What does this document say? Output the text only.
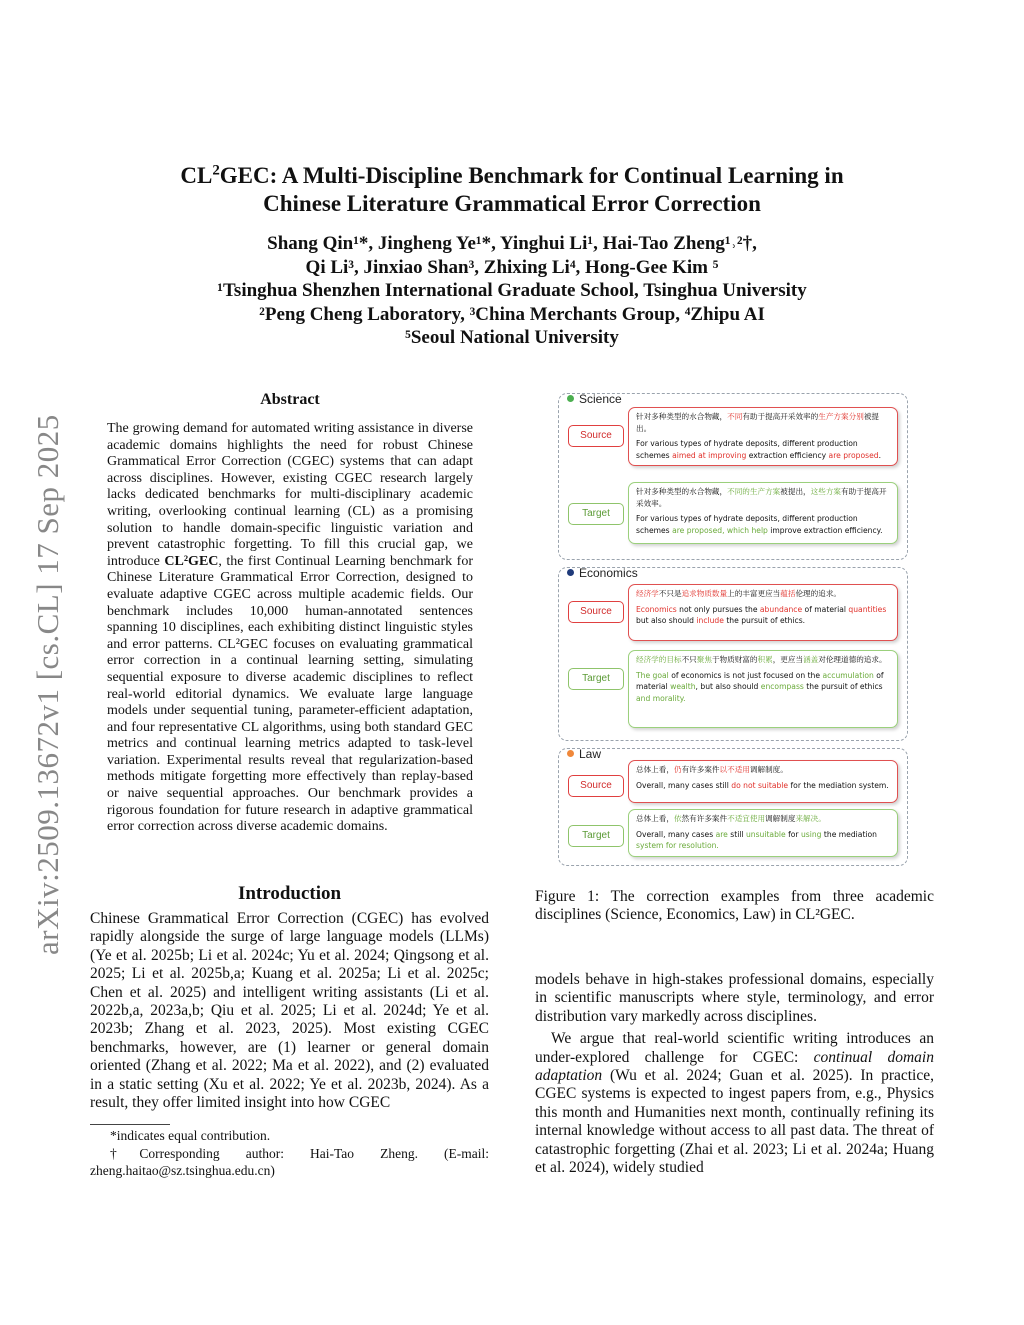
$CL^2GEC$: A Multi-Discipline Benchmark for Continual Learning in
Chinese Literature Grammatical Error Correction
Shang Qin¹*, Jingheng Ye¹*, Yinghui Li¹, Hai-Tao Zheng¹˒²†,
Qi Li³, Jinxiao Shan³, Zhixing Li⁴, Hong-Gee Kim ⁵
¹Tsinghua Shenzhen International Graduate School, Tsinghua University
²Peng Cheng Laboratory, ³China Merchants Group, ⁴Zhipu AI
⁵Seoul National University
arXiv:2509.13672v1 [cs.CL] 17 Sep 2025
Abstract
The growing demand for automated writing assistance in diverse academic domains highlights the need for robust Chinese Grammatical Error Correction (CGEC) systems that can adapt across disciplines. However, existing CGEC research largely lacks dedicated benchmarks for multi-disciplinary academic writing, overlooking continual learning (CL) as a promising solution to handle domain-specific linguistic variation and prevent catastrophic forgetting. To fill this crucial gap, we introduce CL²GEC, the first Continual Learning benchmark for Chinese Literature Grammatical Error Correction, designed to evaluate adaptive CGEC across multiple academic fields. Our benchmark includes 10,000 human-annotated sentences spanning 10 disciplines, each exhibiting distinct linguistic styles and error patterns. CL²GEC focuses on evaluating grammatical error correction in a continual learning setting, simulating sequential exposure to diverse academic disciplines to reflect real-world editorial dynamics. We evaluate large language models under sequential tuning, parameter-efficient adaptation, and four representative CL algorithms, using both standard GEC metrics and continual learning metrics adapted to task-level variation. Experimental results reveal that regularization-based methods mitigate forgetting more effectively than replay-based or naive sequential approaches. Our benchmark provides a rigorous foundation for future research in adaptive grammatical error correction across diverse academic domains.
Introduction
Chinese Grammatical Error Correction (CGEC) has evolved rapidly alongside the surge of large language models (LLMs) (Ye et al. 2025b; Li et al. 2024c; Yu et al. 2024; Qingsong et al. 2025; Li et al. 2025b,a; Kuang et al. 2025a; Li et al. 2025c; Chen et al. 2025) and intelligent writing assistants (Li et al. 2022b,a, 2023a,b; Qiu et al. 2025; Li et al. 2024d; Ye et al. 2023b; Zhang et al. 2023, 2025). Most existing CGEC benchmarks, however, are (1) learner or general domain oriented (Zhang et al. 2022; Ma et al. 2022), and (2) evaluated in a static setting (Xu et al. 2022; Ye et al. 2023b, 2024). As a result, they offer limited insight into how CGEC
*indicates equal contribution.
†Corresponding author: Hai-Tao Zheng. (E-mail: zheng.haitao@sz.tsinghua.edu.cn)
Science
Source
针对多种类型的水合物藏，不同有助于提高开采效率的生产方案分别被提出。
For various types of hydrate deposits, different production schemes aimed at improving extraction efficiency are proposed.
Target
针对多种类型的水合物藏，不同的生产方案被提出，这些方案有助于提高开采效率。
For various types of hydrate deposits, different production schemes are proposed, which help improve extraction efficiency.
Economics
Source
经济学不只是追求物质数量上的丰富更应当蕴括伦理的追求。
Economics not only pursues the abundance of material quantities but also should include the pursuit of ethics.
Target
经济学的目标不只聚焦于物质财富的积累，更应当涵盖对伦理道德的追求。
The goal of economics is not just focused on the accumulation of material wealth, but also should encompass the pursuit of ethics and morality.
Law
Source
总体上看，仍有许多案件以不适用调解制度。
Overall, many cases still do not suitable for the mediation system.
Target
总体上看，依然有许多案件不适宜使用调解制度来解决。
Overall, many cases are still unsuitable for using the mediation system for resolution.
Figure 1: The correction examples from three academic disciplines (Science, Economics, Law) in CL²GEC.

models behave in high-stakes professional domains, especially in scientific manuscripts where style, terminology, and error distribution vary markedly across disciplines.

We argue that real-world scientific writing introduces an under-explored challenge for CGEC: continual domain adaptation (Wu et al. 2024; Guan et al. 2025). In practice, CGEC systems is expected to ingest papers from, e.g., Physics this month and Humanities next month, continually refining its internal knowledge without access to all past data. The threat of catastrophic forgetting (Zhai et al. 2023; Li et al. 2024a; Huang et al. 2024), widely studied
